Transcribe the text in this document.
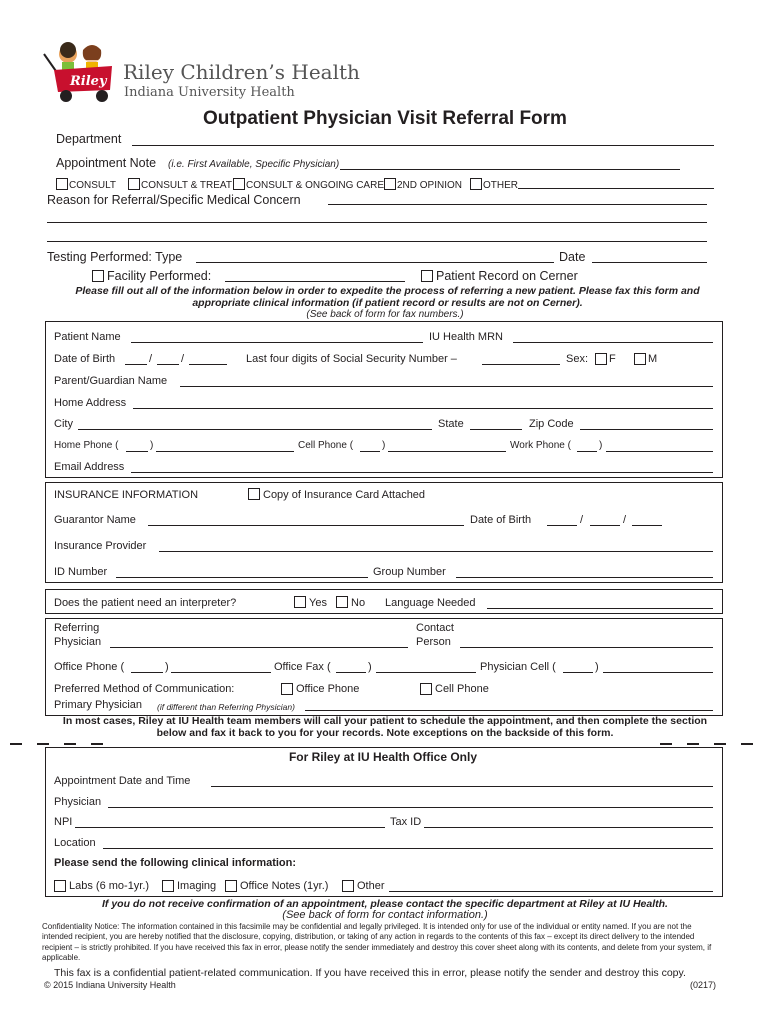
Riley Riley Children’s Health
Indiana University Health
Outpatient Physician Visit Referral Form
Department
Appointment Note (i.e. First Available, Specific Physician)
CONSULT CONSULT & TREAT CONSULT & ONGOING CARE 2ND OPINION OTHER
Reason for Referral/Specific Medical Concern
Testing Performed: Type	Date
Facility Performed:	Patient Record on Cerner
Please fill out all of the information below in order to expedite the process of referring a new patient. Please fax this form and appropriate clinical information (if patient record or results are not on Cerner).
(See back of form for fax numbers.)
Patient Name	IU Health MRN
Date of Birth	/	/	Last four digits of Social Security Number –	Sex: F	M
Parent/Guardian Name
Home Address
City	State	Zip Code
Home Phone (	)	Cell Phone (	)	Work Phone (	)
Email Address
INSURANCE INFORMATION	Copy of Insurance Card Attached
Guarantor Name	Date of Birth	/	/
Insurance Provider
ID Number	Group Number
Does the patient need an interpreter?	Yes No Language Needed
Referring
Physician
Contact
Person
Office Phone (	)	Office Fax (	)	Physician Cell (	)
Preferred Method of Communication:	Office Phone	Cell Phone
Primary Physician (if different than Referring Physician)
In most cases, Riley at IU Health team members will call your patient to schedule the appointment, and then complete the section below and fax it back to you for your records. Note exceptions on the backside of this form.
For Riley at IU Health Office Only
Appointment Date and Time
Physician
NPI	Tax ID
Location
Please send the following clinical information:
Labs (6 mo-1yr.)	Imaging Office Notes (1yr.)	Other
If you do not receive confirmation of an appointment, please contact the specific department at Riley at IU Health.
(See back of form for contact information.)
Confidentiality Notice: The information contained in this facsimile may be confidential and legally privileged. It is intended only for use of the individual or entity named. If you are not the intended recipient, you are hereby notified that the disclosure, copying, distribution, or taking of any action in regards to the contents of this fax – except its direct delivery to the intended recipient – is strictly prohibited. If you have received this fax in error, please notify the sender immediately and destroy this cover sheet along with its contents, and delete from your system, if applicable.
This fax is a confidential patient-related communication. If you have received this in error, please notify the sender and destroy this copy.
© 2015 Indiana University Health	(0217)
